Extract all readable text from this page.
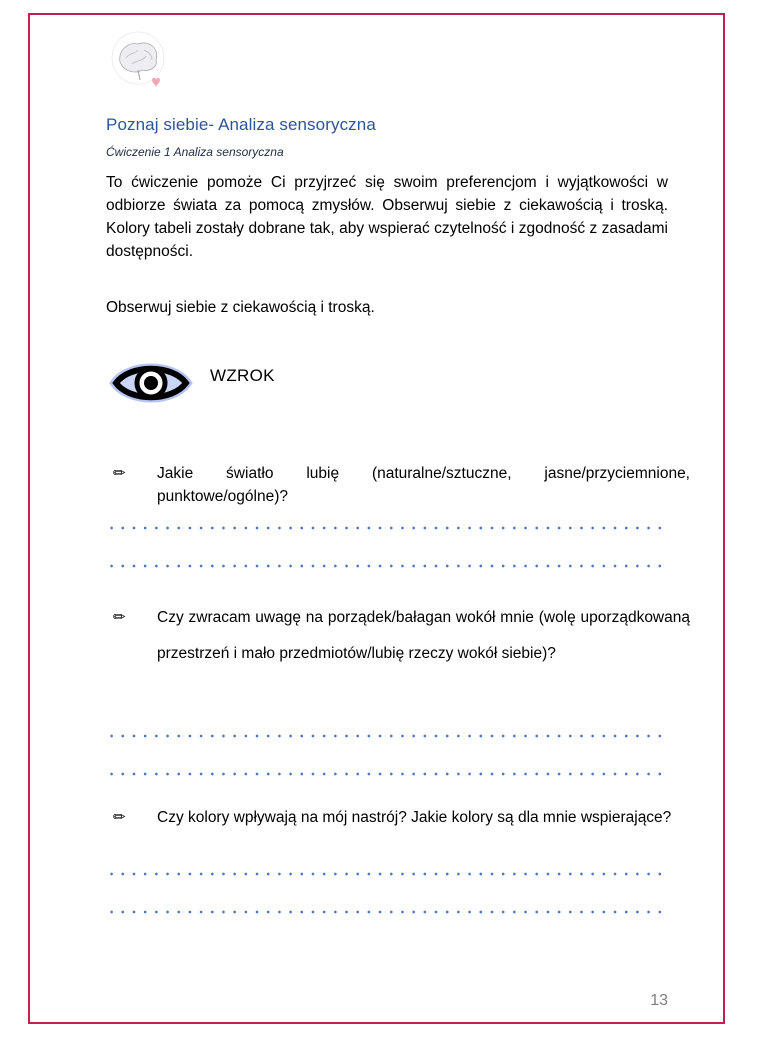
Poznaj siebie- Analiza sensoryczna
Ćwiczenie 1 Analiza sensoryczna

To ćwiczenie pomoże Ci przyjrzeć się swoim preferencjom i wyjątkowości w odbiorze świata za pomocą zmysłów. Obserwuj siebie z ciekawością i troską. Kolory tabeli zostały dobrane tak, aby wspierać czytelność i zgodność z zasadami dostępności.

Obserwuj siebie z ciekawością i troską.
WZROK

✏ Jakie światło lubię (naturalne/sztuczne, jasne/przyciemnione, punktowe/ogólne)?

✏ Czy zwracam uwagę na porządek/bałagan wokół mnie (wolę uporządkowaną przestrzeń i mało przedmiotów/lubię rzeczy wokół siebie)?

✏ Czy kolory wpływają na mój nastrój? Jakie kolory są dla mnie wspierające?

13
